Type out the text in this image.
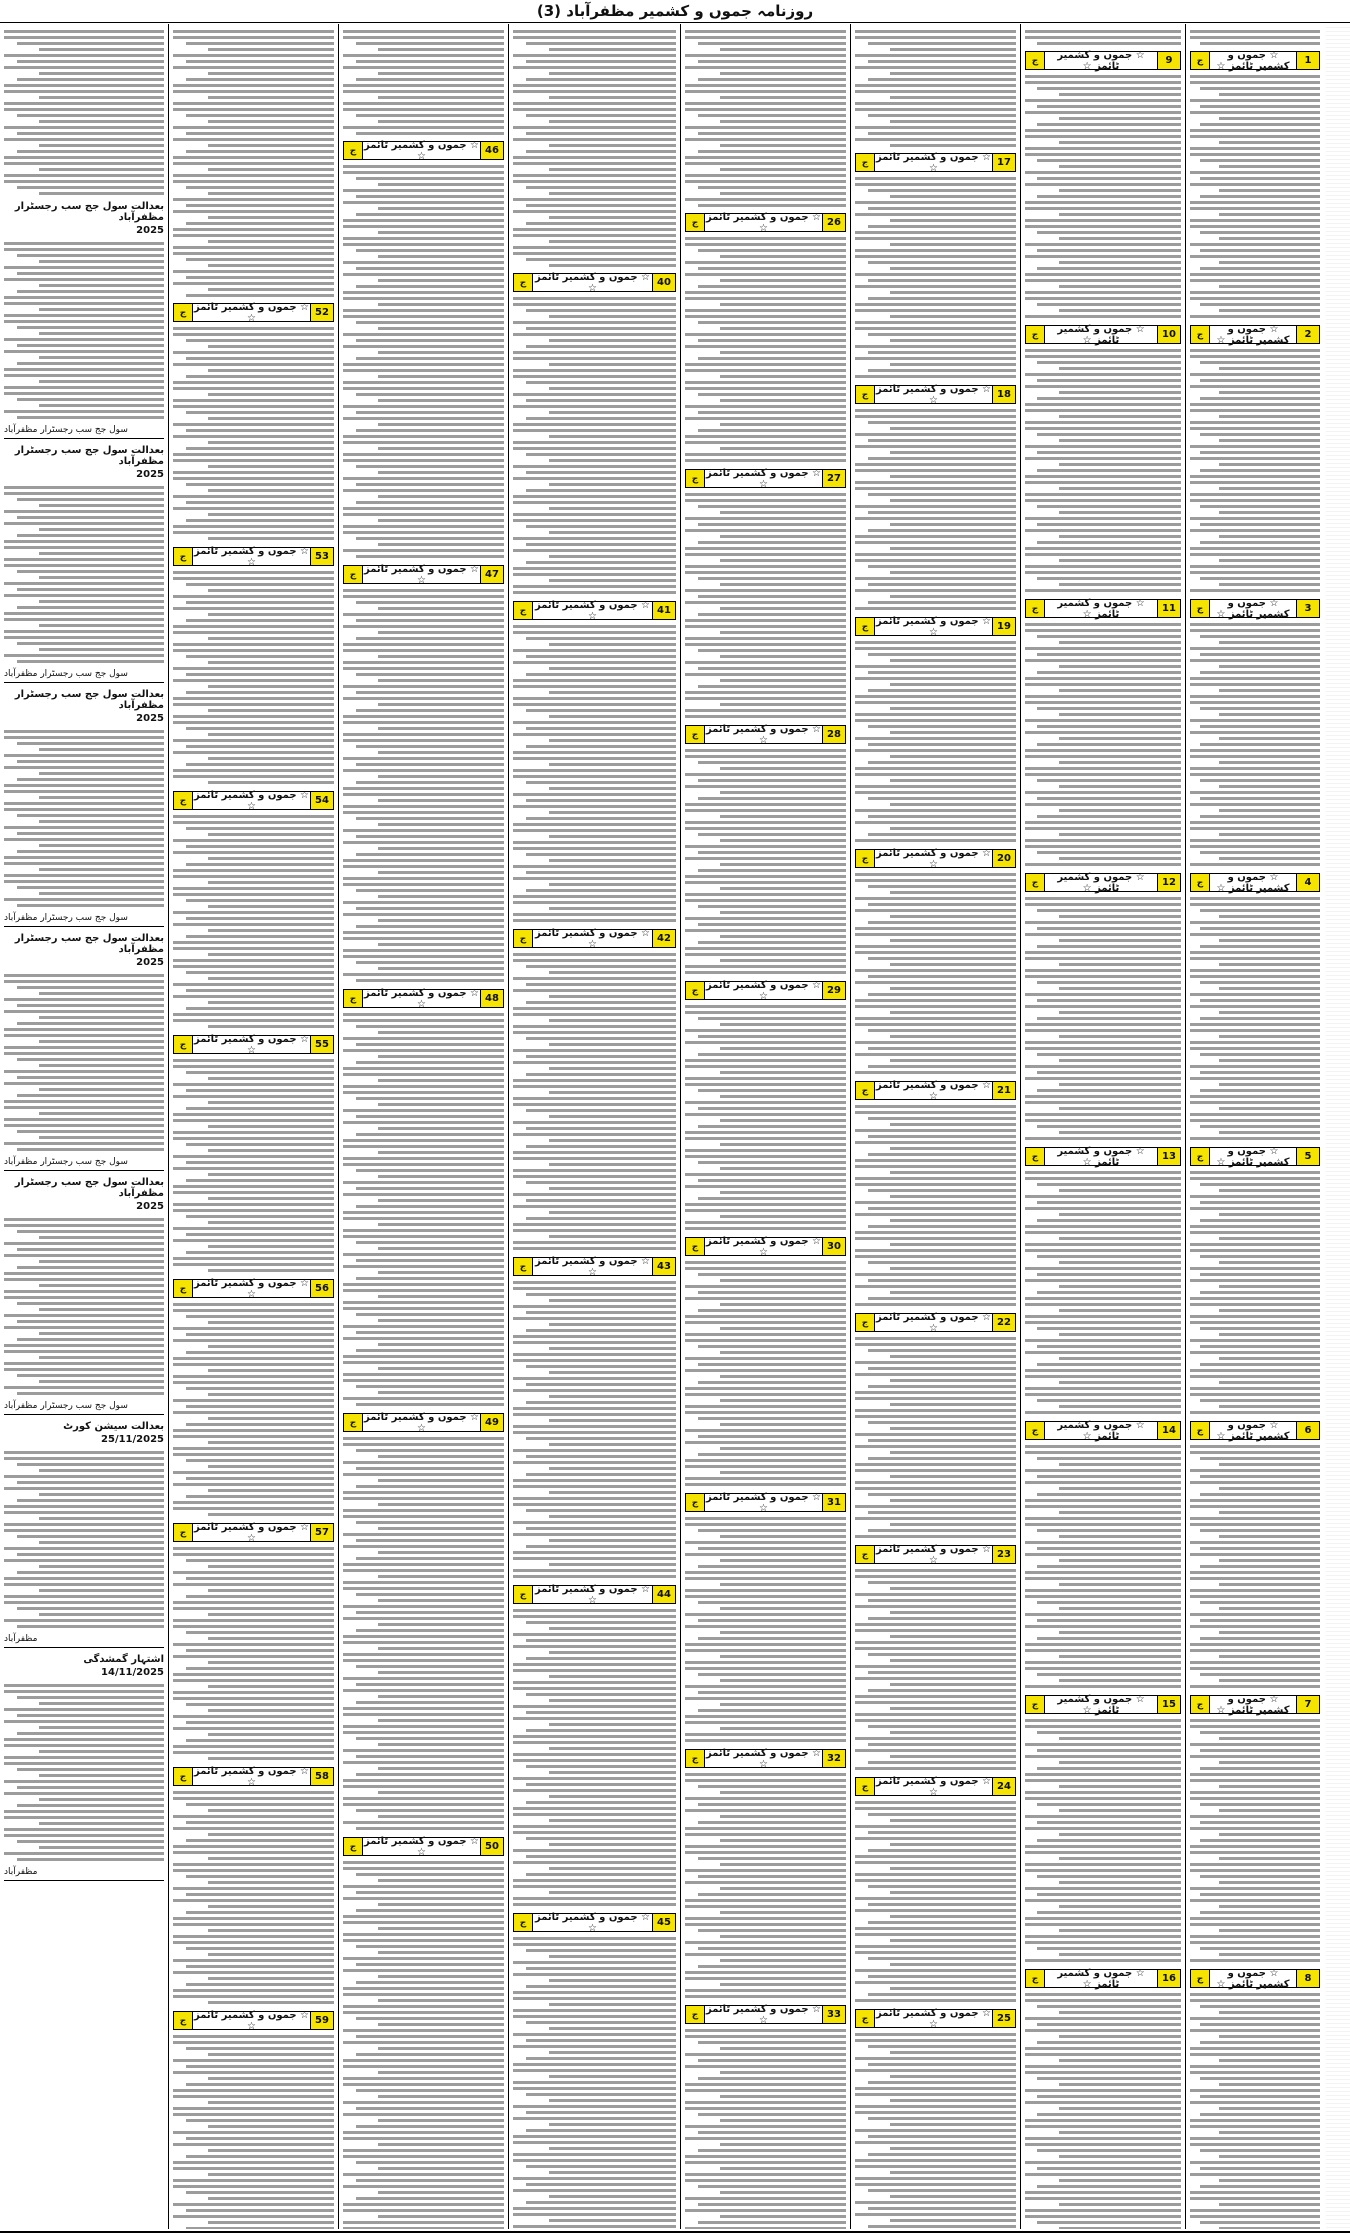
روزنامہ جموں و کشمیر مظفرآباد (3)
بعدالت سول جج سب رجسٹرار مظفرآباد
2025
سول جج سب رجسٹرار مظفرآباد
بعدالت سول جج سب رجسٹرار مظفرآباد
2025
سول جج سب رجسٹرار مظفرآباد
بعدالت سول جج سب رجسٹرار مظفرآباد
2025
سول جج سب رجسٹرار مظفرآباد
بعدالت سول جج سب رجسٹرار مظفرآباد
2025
سول جج سب رجسٹرار مظفرآباد
بعدالت سول جج سب رجسٹرار مظفرآباد
2025
سول جج سب رجسٹرار مظفرآباد
بعدالت سیشن کورٹ
25/11/2025
مظفرآباد
اشتہار گمشدگی
14/11/2025
مظفرآباد
52
☆ جموں و کشمیر ٹائمز ☆
ج
53
☆ جموں و کشمیر ٹائمز ☆
ج
54
☆ جموں و کشمیر ٹائمز ☆
ج
55
☆ جموں و کشمیر ٹائمز ☆
ج
56
☆ جموں و کشمیر ٹائمز ☆
ج
57
☆ جموں و کشمیر ٹائمز ☆
ج
58
☆ جموں و کشمیر ٹائمز ☆
ج
59
☆ جموں و کشمیر ٹائمز ☆
ج
46
☆ جموں و کشمیر ٹائمز ☆
ج
47
☆ جموں و کشمیر ٹائمز ☆
ج
48
☆ جموں و کشمیر ٹائمز ☆
ج
49
☆ جموں و کشمیر ٹائمز ☆
ج
50
☆ جموں و کشمیر ٹائمز ☆
ج
40
☆ جموں و کشمیر ٹائمز ☆
ج
41
☆ جموں و کشمیر ٹائمز ☆
ج
42
☆ جموں و کشمیر ٹائمز ☆
ج
43
☆ جموں و کشمیر ٹائمز ☆
ج
44
☆ جموں و کشمیر ٹائمز ☆
ج
45
☆ جموں و کشمیر ٹائمز ☆
ج
26
☆ جموں و کشمیر ٹائمز ☆
ج
27
☆ جموں و کشمیر ٹائمز ☆
ج
28
☆ جموں و کشمیر ٹائمز ☆
ج
29
☆ جموں و کشمیر ٹائمز ☆
ج
30
☆ جموں و کشمیر ٹائمز ☆
ج
31
☆ جموں و کشمیر ٹائمز ☆
ج
32
☆ جموں و کشمیر ٹائمز ☆
ج
33
☆ جموں و کشمیر ٹائمز ☆
ج
17
☆ جموں و کشمیر ٹائمز ☆
ج
18
☆ جموں و کشمیر ٹائمز ☆
ج
19
☆ جموں و کشمیر ٹائمز ☆
ج
20
☆ جموں و کشمیر ٹائمز ☆
ج
21
☆ جموں و کشمیر ٹائمز ☆
ج
22
☆ جموں و کشمیر ٹائمز ☆
ج
23
☆ جموں و کشمیر ٹائمز ☆
ج
24
☆ جموں و کشمیر ٹائمز ☆
ج
25
☆ جموں و کشمیر ٹائمز ☆
ج
9
☆ جموں و کشمیر ٹائمز ☆
ج
10
☆ جموں و کشمیر ٹائمز ☆
ج
11
☆ جموں و کشمیر ٹائمز ☆
ج
12
☆ جموں و کشمیر ٹائمز ☆
ج
13
☆ جموں و کشمیر ٹائمز ☆
ج
14
☆ جموں و کشمیر ٹائمز ☆
ج
15
☆ جموں و کشمیر ٹائمز ☆
ج
16
☆ جموں و کشمیر ٹائمز ☆
ج
1
☆ جموں و کشمیر ٹائمز ☆
ج
2
☆ جموں و کشمیر ٹائمز ☆
ج
3
☆ جموں و کشمیر ٹائمز ☆
ج
4
☆ جموں و کشمیر ٹائمز ☆
ج
5
☆ جموں و کشمیر ٹائمز ☆
ج
6
☆ جموں و کشمیر ٹائمز ☆
ج
7
☆ جموں و کشمیر ٹائمز ☆
ج
8
☆ جموں و کشمیر ٹائمز ☆
ج
